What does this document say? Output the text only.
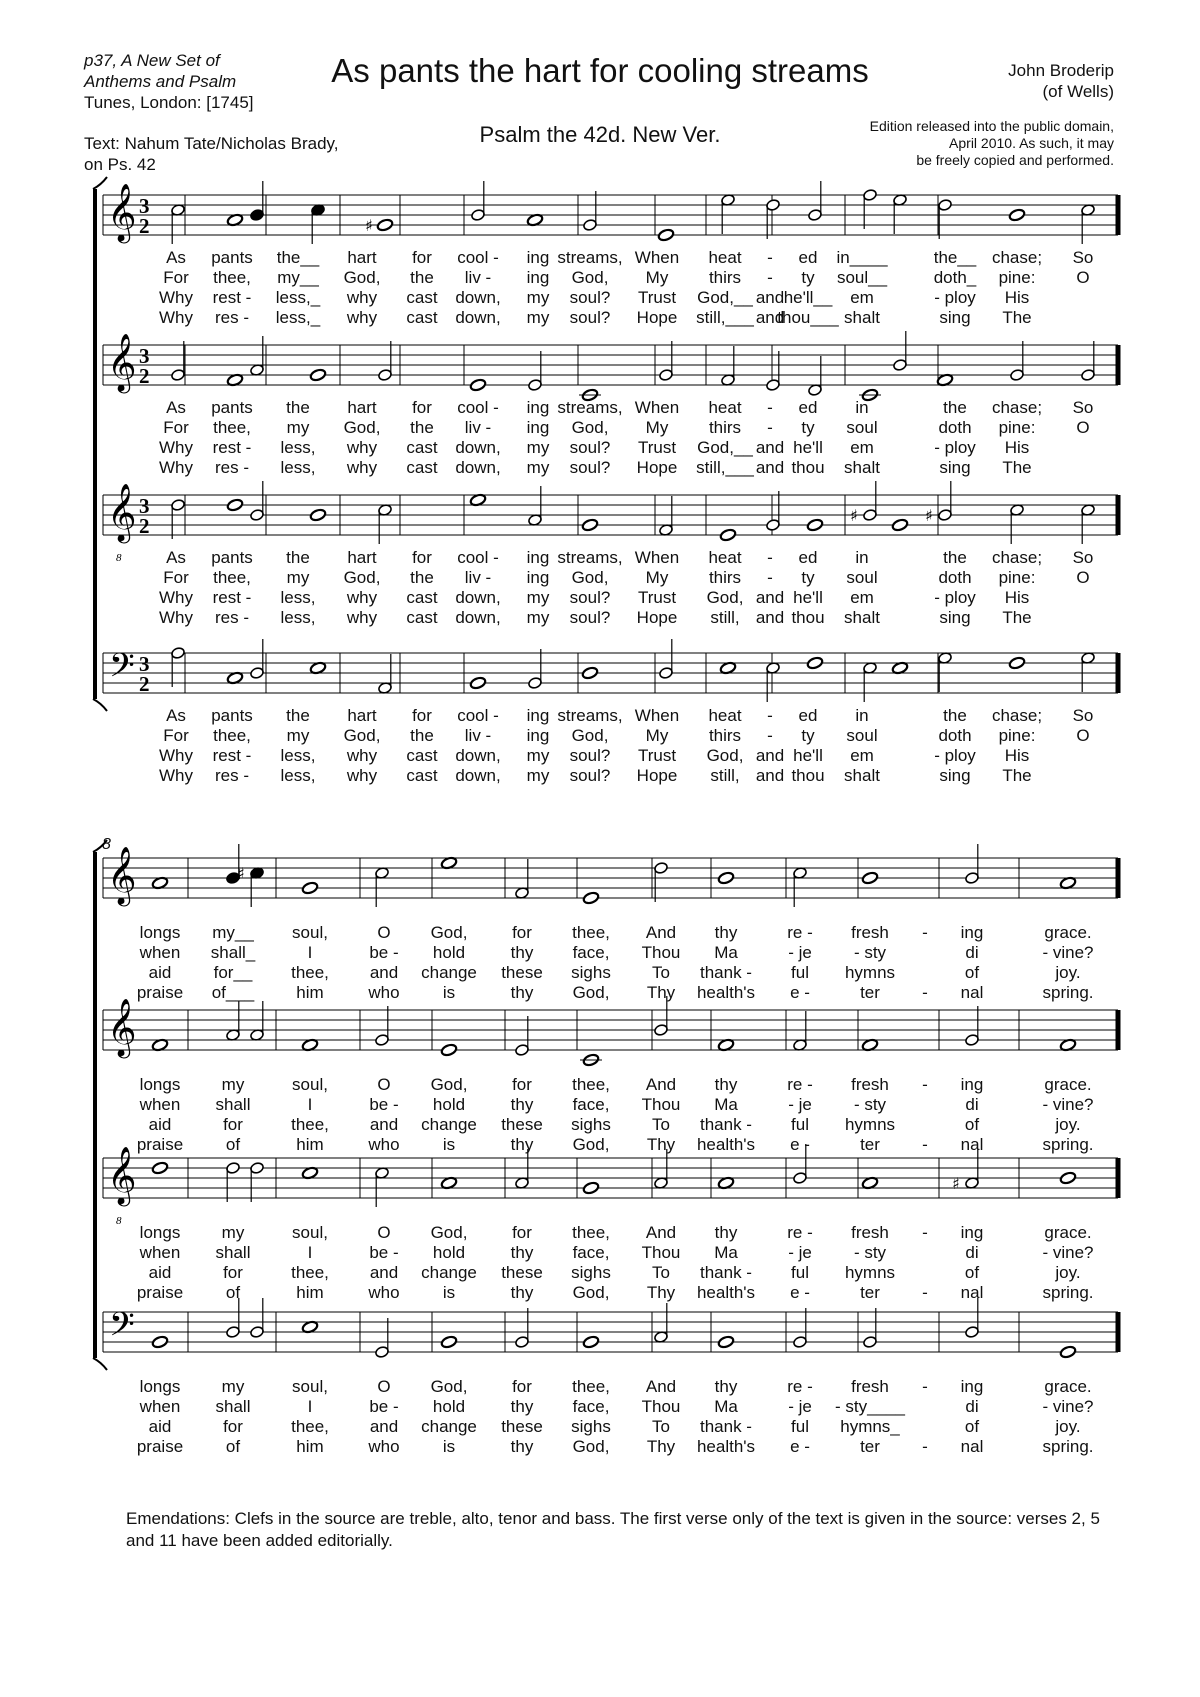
p37, A New Set of
Anthems and Psalm
Tunes, London: [1745]
As pants the hart for cooling streams
Psalm the 42d. New Ver.
John Broderip
(of Wells)
Text: Nahum Tate/Nicholas Brady,
on Ps. 42
Edition released into the public domain,
April 2010. As such, it may
be freely copied and performed.
8
Emendations: Clefs in the source are treble, alto, tenor and bass. The first verse only of the text is given in the source: verses 2, 5 and 11 have been added editorially.
𝄞 3
2	♯
𝄞 3
2
𝄞
8
3
2	♯	♯
𝄢 3
2
As pants the__ hart for cool - ing streams, When heat - ed in____	the__ chase; So
For thee, my__ God, the liv - ing God, My thirs - ty soul__	doth_ pine: O
Why rest - less,_ why cast down, my soul? Trust God,__ and he'll__ em	- ploy His
Why res - less,_ why cast down, my soul? Hope still,___ and
thou___ shalt	sing The
As pants the hart for cool - ing streams, When heat - ed in	the chase; So
For thee, my God, the liv - ing God, My thirs - ty soul	doth pine: O
Why rest - less, why cast down, my soul? Trust God,__ and he'll em	- ploy His
Why res - less, why cast down, my soul? Hope still,___ and thou shalt	sing The
As pants the hart for cool - ing streams, When heat - ed in	the chase; So
For thee, my God, the liv - ing God, My thirs - ty soul	doth pine: O
Why rest - less, why cast down, my soul? Trust God, and he'll em	- ploy His
Why res - less, why cast down, my soul? Hope still, and thou shalt	sing The
As pants the hart for cool - ing streams, When heat - ed in	the chase; So
For thee, my God, the liv - ing God, My thirs - ty soul	doth pine: O
Why rest - less, why cast down, my soul? Trust God, and he'll em	- ploy His
Why res - less, why cast down, my soul? Hope still, and thou shalt	sing The
𝄞	♯
𝄞
𝄞
8
♯
𝄢
longs my__ soul,	O God,	for thee, And thy	re - fresh - ing	grace.
when shall_	I	be - hold	thy face, Thou Ma	- je - sty	di	- vine?
aid for__ thee, and change these sighs To thank - ful hymns	of	joy.
praise of___ him	who	is	thy God, Thy health's e -	ter - nal	spring.
longs my	soul,	O God,	for thee, And thy	re - fresh - ing	grace.
when shall	I	be - hold	thy face, Thou Ma	- je - sty	di	- vine?
aid	for	thee, and change these sighs To thank - ful hymns	of	joy.
praise	of	him	who	is	thy God, Thy health's e -	ter - nal	spring.
longs my	soul,	O God,	for thee, And thy	re - fresh - ing	grace.
when shall	I	be - hold	thy face, Thou Ma	- je - sty	di	- vine?
aid	for	thee, and change these sighs To thank - ful hymns	of	joy.
praise	of	him	who	is	thy God, Thy health's e -	ter - nal	spring.
longs my	soul,	O God,	for thee, And thy	re - fresh - ing	grace.
when shall	I	be - hold	thy face, Thou Ma	- je - sty____	di	- vine?
aid	for	thee, and change these sighs To thank - ful hymns_	of	joy.
praise	of	him	who	is	thy God, Thy health's e -	ter - nal	spring.
